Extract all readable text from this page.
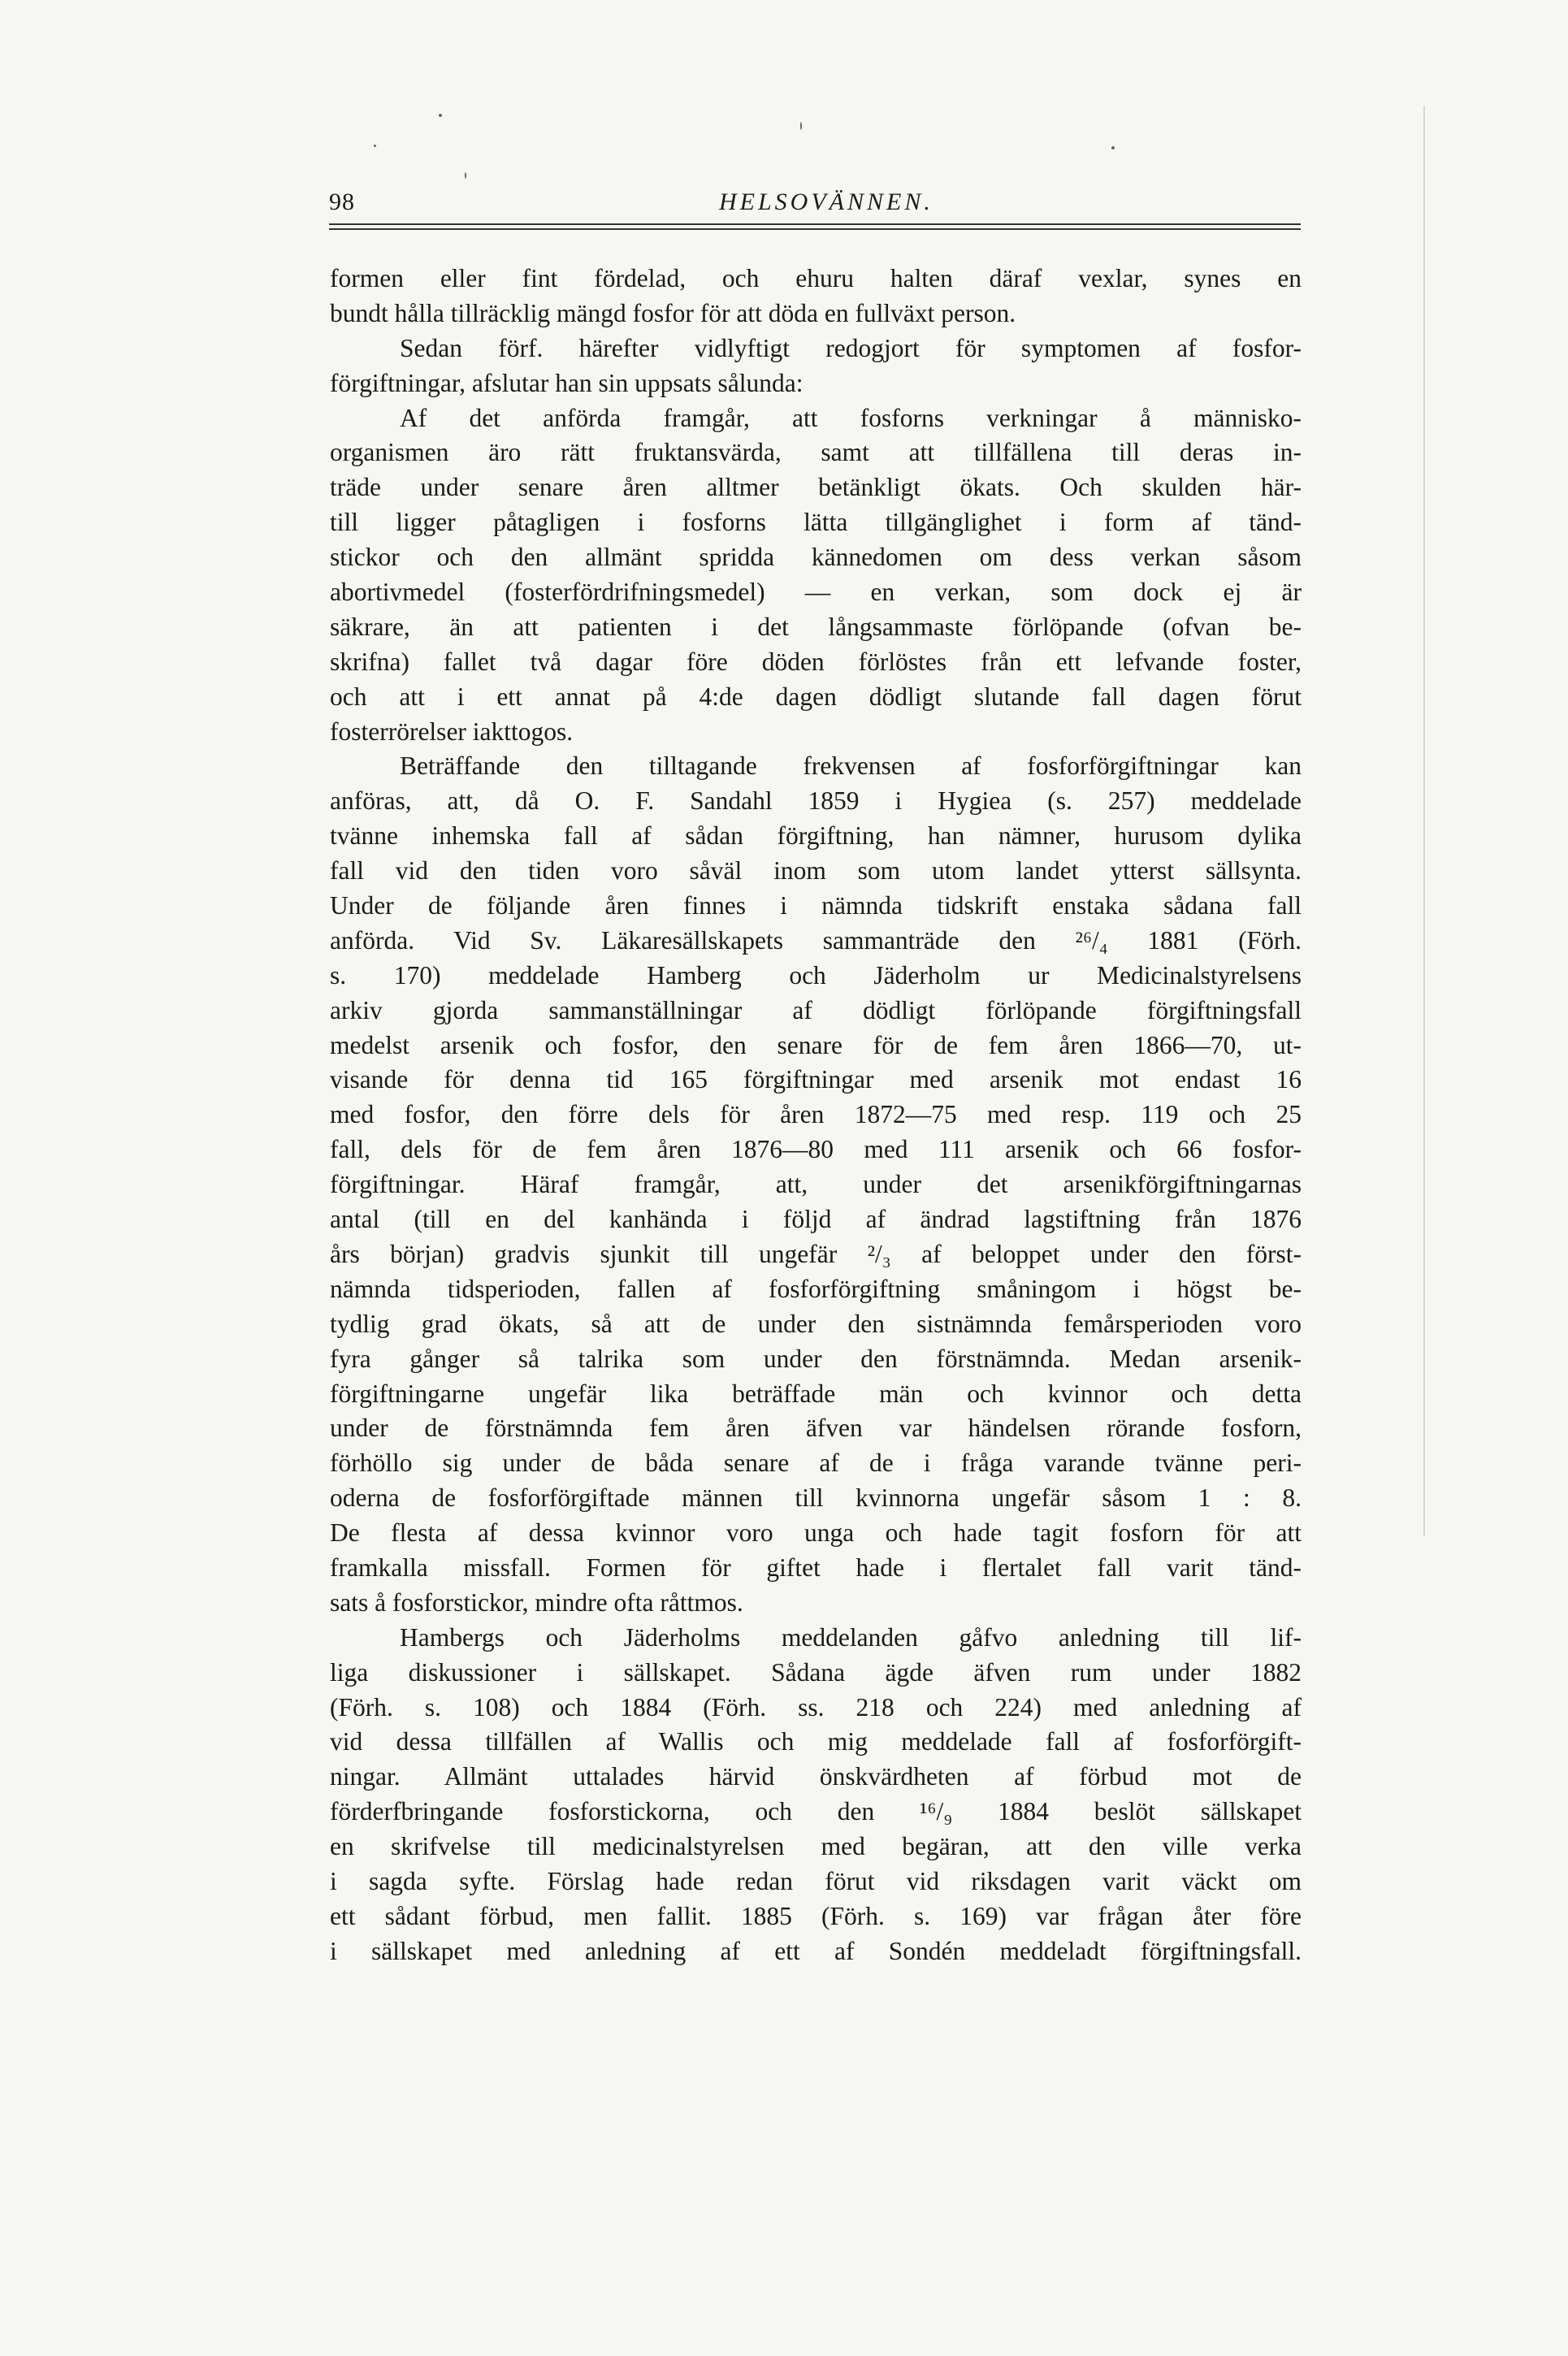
98	HELSOVÄNNEN.
formen eller fint fördelad, och ehuru halten däraf vexlar, synes en
bundt hålla tillräcklig mängd fosfor för att döda en fullväxt person.
Sedan förf. härefter vidlyftigt redogjort för symptomen af fosfor-
förgiftningar, afslutar han sin uppsats sålunda:
Af det anförda framgår, att fosforns verkningar å människo-
organismen äro rätt fruktansvärda, samt att tillfällena till deras in-
träde under senare åren alltmer betänkligt ökats. Och skulden här-
till ligger påtagligen i fosforns lätta tillgänglighet i form af tänd-
stickor och den allmänt spridda kännedomen om dess verkan såsom
abortivmedel (fosterfördrifningsmedel) — en verkan, som dock ej är
säkrare, än att patienten i det långsammaste förlöpande (ofvan be-
skrifna) fallet två dagar före döden förlöstes från ett lefvande foster,
och att i ett annat på 4:de dagen dödligt slutande fall dagen förut
fosterrörelser iakttogos.
Beträffande den tilltagande frekvensen af fosforförgiftningar kan
anföras, att, då O. F. Sandahl 1859 i Hygiea (s. 257) meddelade
tvänne inhemska fall af sådan förgiftning, han nämner, hurusom dylika
fall vid den tiden voro såväl inom som utom landet ytterst sällsynta.
Under de följande åren finnes i nämnda tidskrift enstaka sådana fall
anförda. Vid Sv. Läkaresällskapets sammanträde den ²⁶/₄ 1881 (Förh.
s. 170) meddelade Hamberg och Jäderholm ur Medicinalstyrelsens
arkiv gjorda sammanställningar af dödligt förlöpande förgiftningsfall
medelst arsenik och fosfor, den senare för de fem åren 1866—70, ut-
visande för denna tid 165 förgiftningar med arsenik mot endast 16
med fosfor, den förre dels för åren 1872—75 med resp. 119 och 25
fall, dels för de fem åren 1876—80 med 111 arsenik och 66 fosfor-
förgiftningar. Häraf framgår, att, under det arsenikförgiftningarnas
antal (till en del kanhända i följd af ändrad lagstiftning från 1876
års början) gradvis sjunkit till ungefär ²/₃ af beloppet under den först-
nämnda tidsperioden, fallen af fosforförgiftning småningom i högst be-
tydlig grad ökats, så att de under den sistnämnda femårsperioden voro
fyra gånger så talrika som under den förstnämnda. Medan arsenik-
förgiftningarne ungefär lika beträffade män och kvinnor och detta
under de förstnämnda fem åren äfven var händelsen rörande fosforn,
förhöllo sig under de båda senare af de i fråga varande tvänne peri-
oderna de fosforförgiftade männen till kvinnorna ungefär såsom 1 : 8.
De flesta af dessa kvinnor voro unga och hade tagit fosforn för att
framkalla missfall. Formen för giftet hade i flertalet fall varit tänd-
sats å fosforstickor, mindre ofta råttmos.
Hambergs och Jäderholms meddelanden gåfvo anledning till lif-
liga diskussioner i sällskapet. Sådana ägde äfven rum under 1882
(Förh. s. 108) och 1884 (Förh. ss. 218 och 224) med anledning af
vid dessa tillfällen af Wallis och mig meddelade fall af fosforförgift-
ningar. Allmänt uttalades härvid önskvärdheten af förbud mot de
förderfbringande fosforstickorna, och den ¹⁶/₉ 1884 beslöt sällskapet
en skrifvelse till medicinalstyrelsen med begäran, att den ville verka
i sagda syfte. Förslag hade redan förut vid riksdagen varit väckt om
ett sådant förbud, men fallit. 1885 (Förh. s. 169) var frågan åter före
i sällskapet med anledning af ett af Sondén meddeladt förgiftningsfall.
